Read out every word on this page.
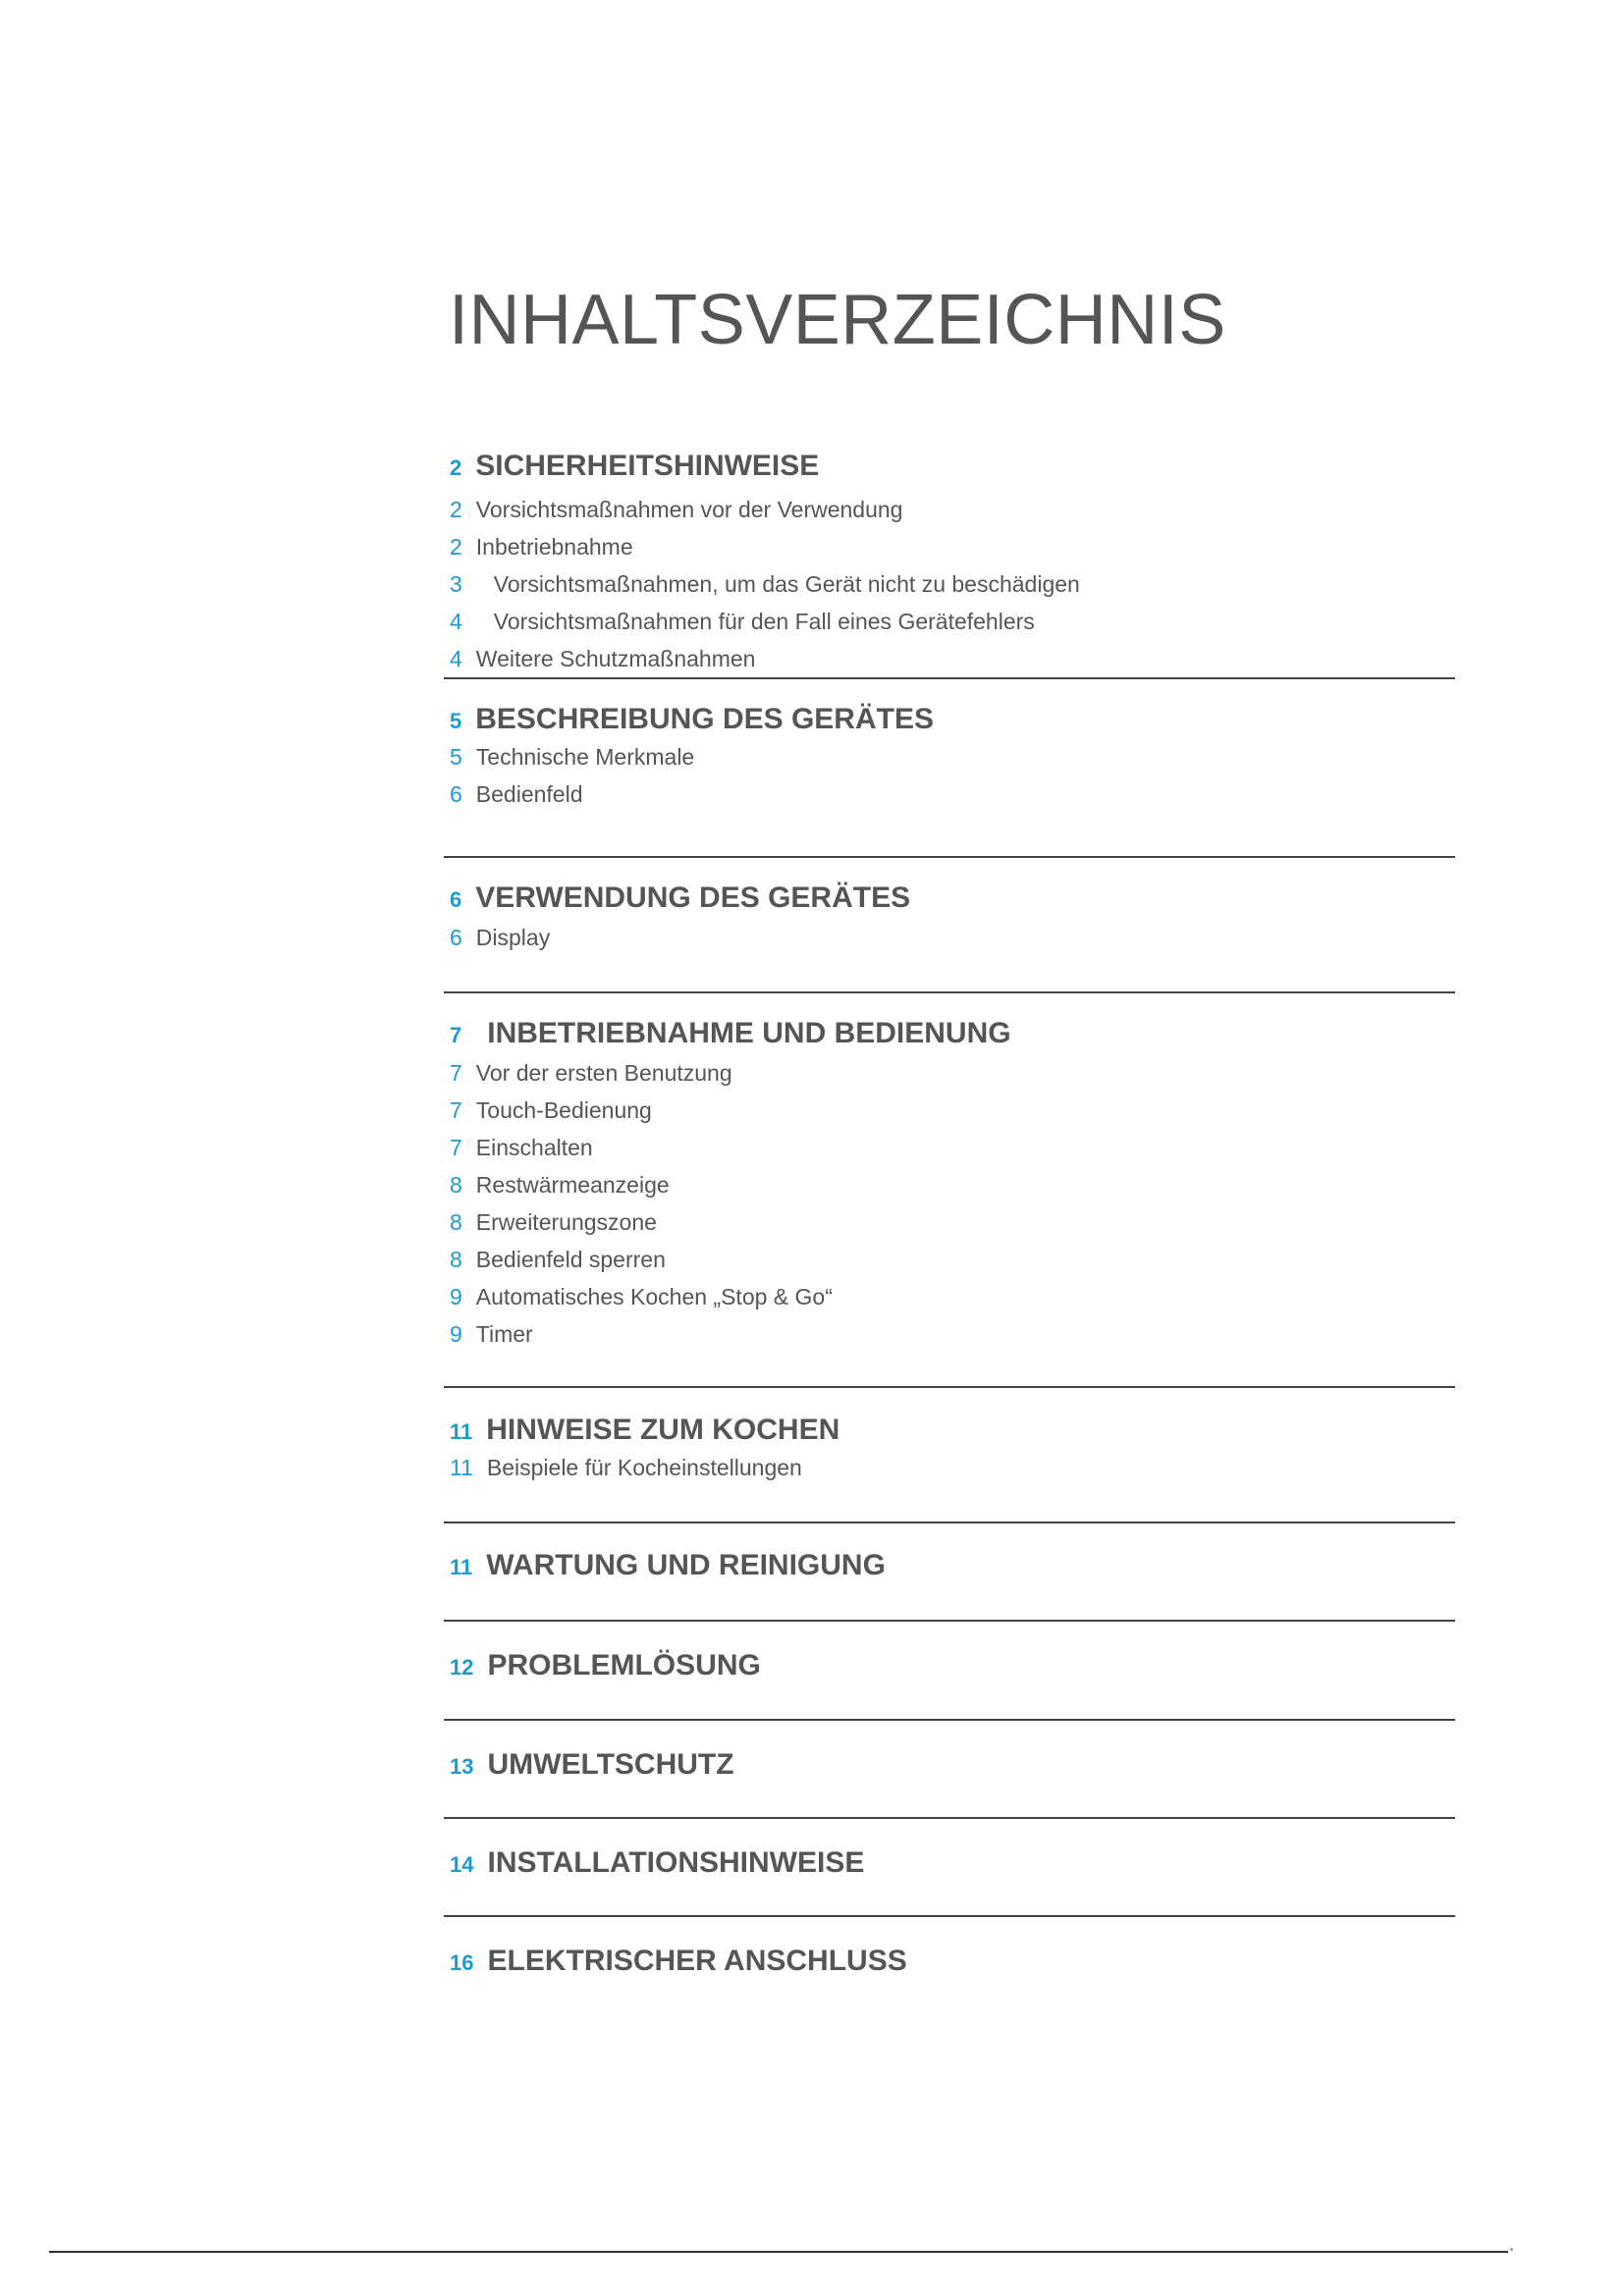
INHALTSVERZEICHNIS
2 SICHERHEITSHINWEISE
2 Vorsichtsmaßnahmen vor der Verwendung
2 Inbetriebnahme
3	Vorsichtsmaßnahmen, um das Gerät nicht zu beschädigen
4	Vorsichtsmaßnahmen für den Fall eines Gerätefehlers
4 Weitere Schutzmaßnahmen
5 BESCHREIBUNG DES GERÄTES
5 Technische Merkmale
6 Bedienfeld
6 VERWENDUNG DES GERÄTES
6 Display
7 INBETRIEBNAHME UND BEDIENUNG
7 Vor der ersten Benutzung
7 Touch-Bedienung
7 Einschalten
8 Restwärmeanzeige
8 Erweiterungszone
8 Bedienfeld sperren
9 Automatisches Kochen „Stop & Go“
9 Timer
11 HINWEISE ZUM KOCHEN
11 Beispiele für Kocheinstellungen
11 WARTUNG UND REINIGUNG
12 PROBLEMLÖSUNG
13 UMWELTSCHUTZ
14 INSTALLATIONSHINWEISE
16 ELEKTRISCHER ANSCHLUSS
